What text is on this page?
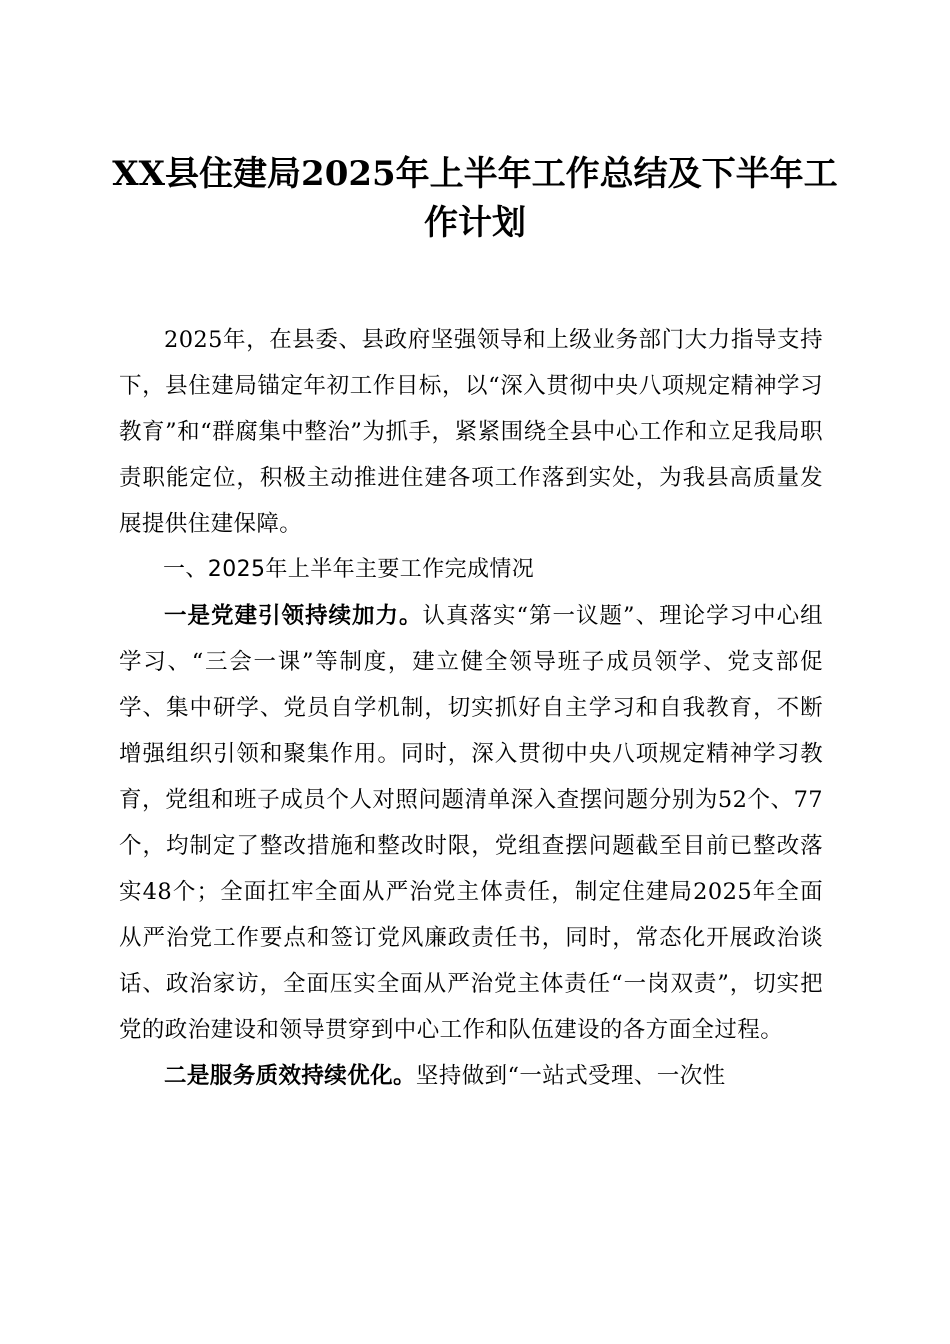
XX县住建局2025年上半年工作总结及下半年工作计划

2025年，在县委、县政府坚强领导和上级业务部门大力指导支持下，县住建局锚定年初工作目标，以“深入贯彻中央八项规定精神学习教育”和“群腐集中整治”为抓手，紧紧围绕全县中心工作和立足我局职责职能定位，积极主动推进住建各项工作落到实处，为我县高质量发展提供住建保障。

一、2025年上半年主要工作完成情况

一是党建引领持续加力。认真落实“第一议题”、理论学习中心组学习、“三会一课”等制度，建立健全领导班子成员领学、党支部促学、集中研学、党员自学机制，切实抓好自主学习和自我教育，不断增强组织引领和聚集作用。同时，深入贯彻中央八项规定精神学习教育，党组和班子成员个人对照问题清单深入查摆问题分别为52个、77个，均制定了整改措施和整改时限，党组查摆问题截至目前已整改落实48个；全面扛牢全面从严治党主体责任，制定住建局2025年全面从严治党工作要点和签订党风廉政责任书，同时，常态化开展政治谈话、政治家访，全面压实全面从严治党主体责任“一岗双责”，切实把党的政治建设和领导贯穿到中心工作和队伍建设的各方面全过程。

二是服务质效持续优化。坚持做到“一站式受理、一次性
